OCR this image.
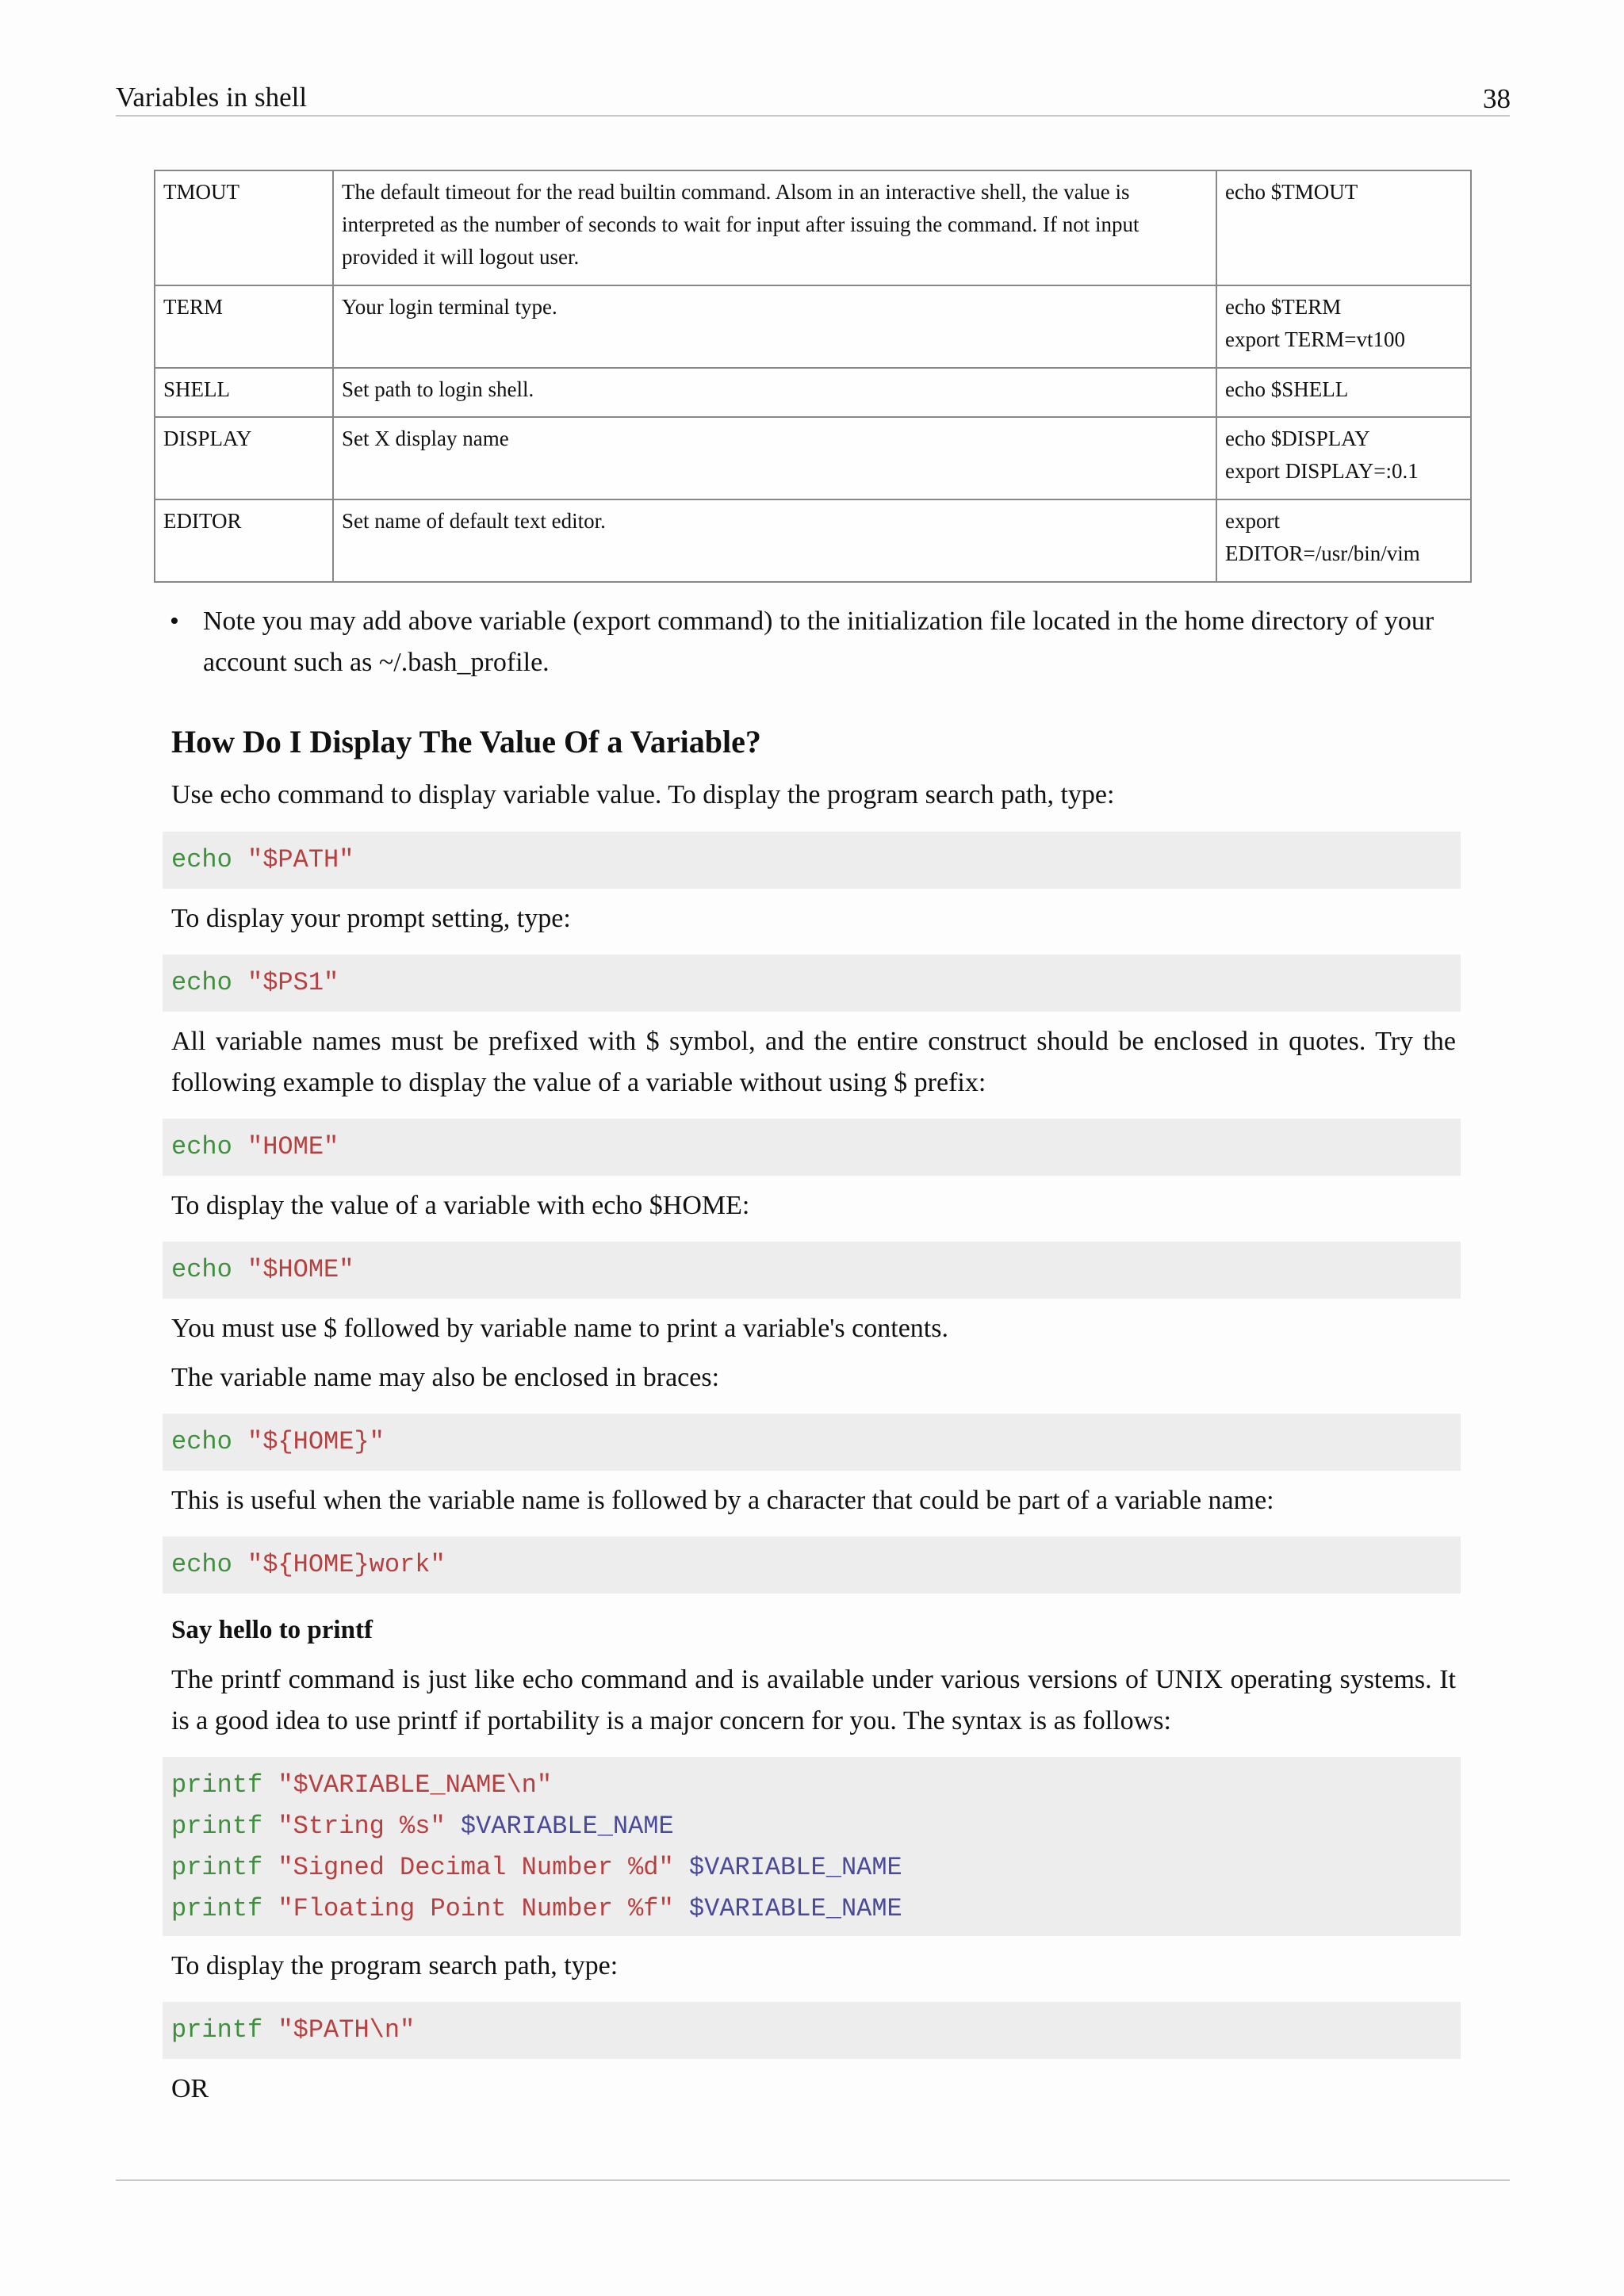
Variables in shell	38
TMOUT	The default timeout for the read builtin command. Alsom in an interactive shell, the value is interpreted as the number of seconds to wait for input after issuing the command. If not input provided it will logout user.	echo $TMOUT

TERM	Your login terminal type.	echo $TERM
export TERM=vt100

SHELL	Set path to login shell.	echo $SHELL

DISPLAY	Set X display name	echo $DISPLAY
export DISPLAY=:0.1

EDITOR	Set name of default text editor.	export
EDITOR=/usr/bin/vim
• Note you may add above variable (export command) to the initialization file located in the home directory of your account such as ~/.bash_profile.
How Do I Display The Value Of a Variable?
Use echo command to display variable value. To display the program search path, type:
echo "$PATH"
To display your prompt setting, type:
echo "$PS1"
All variable names must be prefixed with $ symbol, and the entire construct should be enclosed in quotes. Try the following example to display the value of a variable without using $ prefix:
echo "HOME"
To display the value of a variable with echo $HOME:
echo "$HOME"
You must use $ followed by variable name to print a variable's contents.
The variable name may also be enclosed in braces:
echo "${HOME}"
This is useful when the variable name is followed by a character that could be part of a variable name:
echo "${HOME}work"
Say hello to printf
The printf command is just like echo command and is available under various versions of UNIX operating systems. It is a good idea to use printf if portability is a major concern for you. The syntax is as follows:
printf "$VARIABLE_NAME\n"
printf "String %s" $VARIABLE_NAME
printf "Signed Decimal Number %d" $VARIABLE_NAME
printf "Floating Point Number %f" $VARIABLE_NAME
To display the program search path, type:
printf "$PATH\n"
OR
